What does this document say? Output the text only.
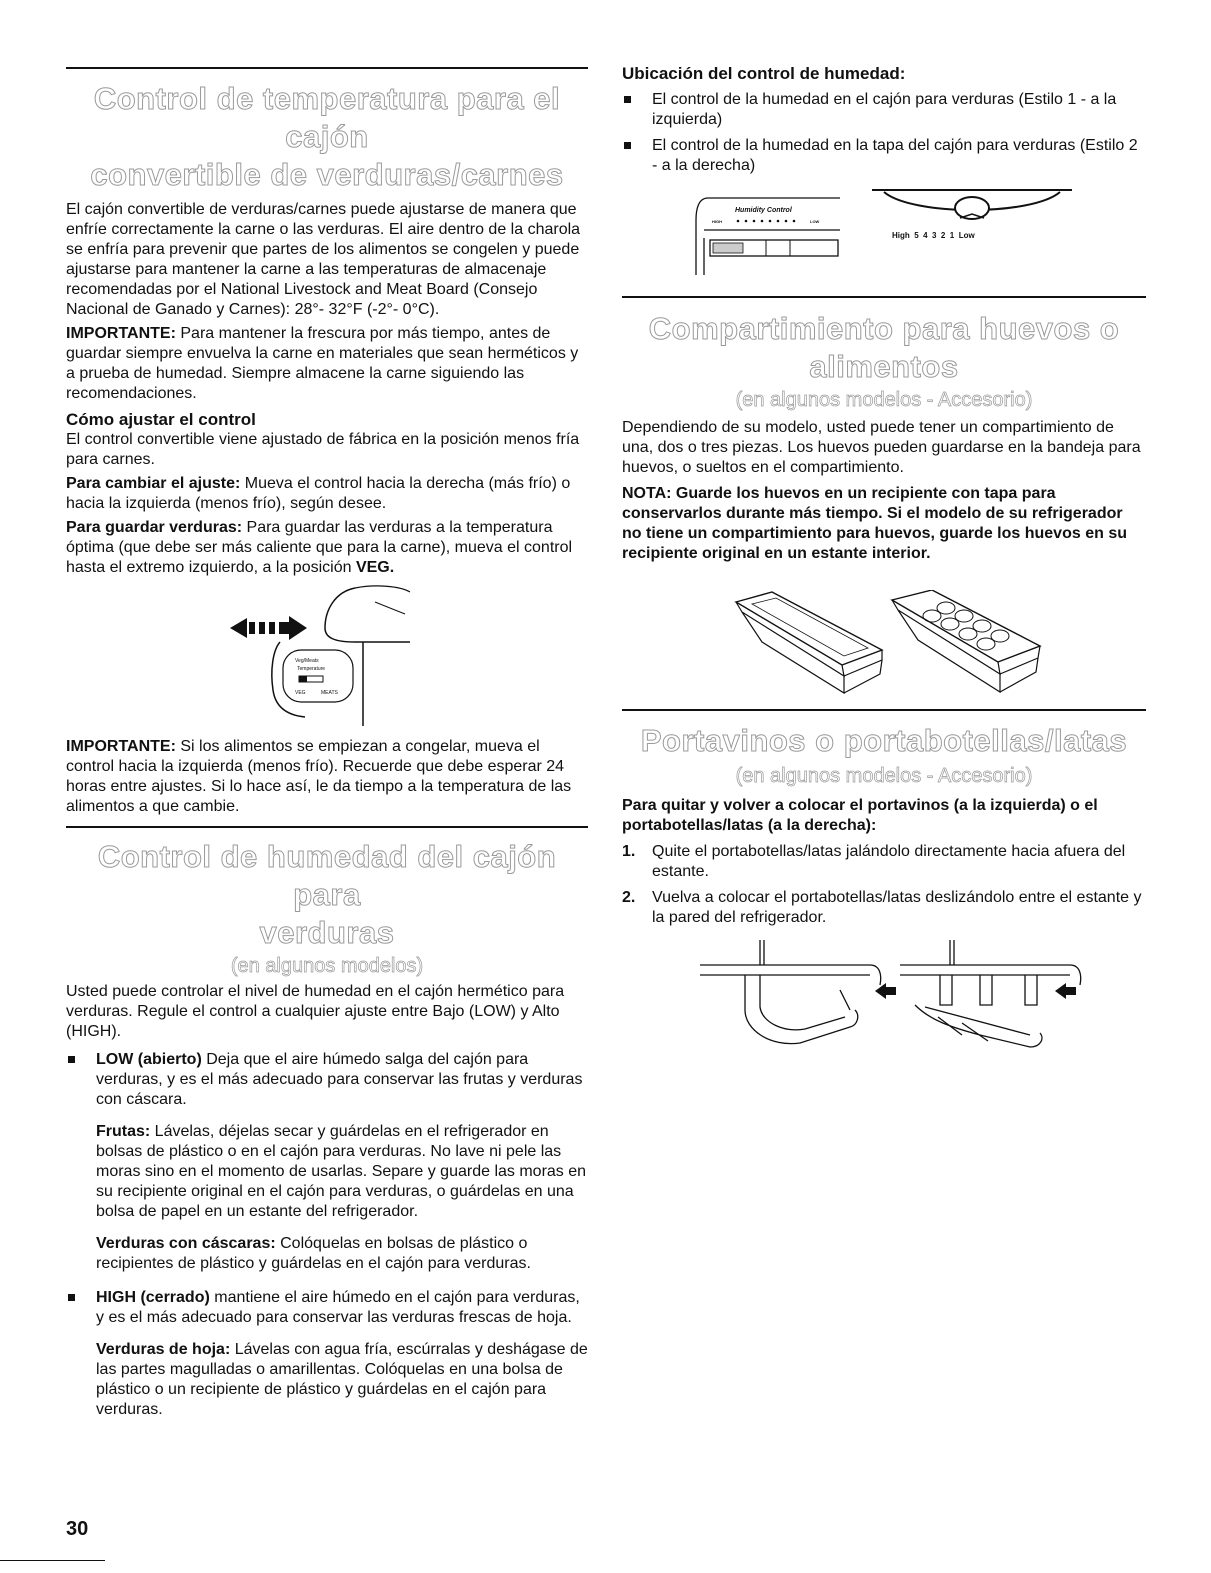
Control de temperatura para el cajón
convertible de verduras/carnes

El cajón convertible de verduras/carnes puede ajustarse de manera que enfríe correctamente la carne o las verduras. El aire dentro de la charola se enfría para prevenir que partes de los alimentos se congelen y puede ajustarse para mantener la carne a las temperaturas de almacenaje recomendadas por el National Livestock and Meat Board (Consejo Nacional de Ganado y Carnes): 28°- 32°F (-2°- 0°C).

IMPORTANTE: Para mantener la frescura por más tiempo, antes de guardar siempre envuelva la carne en materiales que sean herméticos y a prueba de humedad. Siempre almacene la carne siguiendo las recomendaciones.

Cómo ajustar el control

El control convertible viene ajustado de fábrica en la posición menos fría para carnes.

Para cambiar el ajuste: Mueva el control hacia la derecha (más frío) o hacia la izquierda (menos frío), según desee.

Para guardar verduras: Para guardar las verduras a la temperatura óptima (que debe ser más caliente que para la carne), mueva el control hasta el extremo izquierdo, a la posición VEG.

Veg/Meats
Temperature
VEG	MEATS

IMPORTANTE: Si los alimentos se empiezan a congelar, mueva el control hacia la izquierda (menos frío). Recuerde que debe esperar 24 horas entre ajustes. Si lo hace así, le da tiempo a la temperatura de las alimentos a que cambie.

Control de humedad del cajón para
verduras

(en algunos modelos)

Usted puede controlar el nivel de humedad en el cajón hermético para verduras. Regule el control a cualquier ajuste entre Bajo (LOW) y Alto (HIGH).

LOW (abierto) Deja que el aire húmedo salga del cajón para verduras, y es el más adecuado para conservar las frutas y verduras con cáscara.

Frutas: Lávelas, déjelas secar y guárdelas en el refrigerador en bolsas de plástico o en el cajón para verduras. No lave ni pele las moras sino en el momento de usarlas. Separe y guarde las moras en su recipiente original en el cajón para verduras, o guárdelas en una bolsa de papel en un estante del refrigerador.

Verduras con cáscaras: Colóquelas en bolsas de plástico o recipientes de plástico y guárdelas en el cajón para verduras.

HIGH (cerrado) mantiene el aire húmedo en el cajón para verduras, y es el más adecuado para conservar las verduras frescas de hoja.

Verduras de hoja: Lávelas con agua fría, escúrralas y deshágase de las partes magulladas o amarillentas. Colóquelas en una bolsa de plástico o un recipiente de plástico y guárdelas en el cajón para verduras.

Ubicación del control de humedad:

El control de la humedad en el cajón para verduras (Estilo 1 - a la izquierda)
El control de la humedad en la tapa del cajón para verduras (Estilo 2 - a la derecha)
Humidity Control
HIGH	LOW
High  5  4  3  2  1  Low
Compartimiento para huevos o
alimentos

(en algunos modelos - Accesorio)

Dependiendo de su modelo, usted puede tener un compartimiento de una, dos o tres piezas. Los huevos pueden guardarse en la bandeja para huevos, o sueltos en el compartimiento.

NOTA: Guarde los huevos en un recipiente con tapa para conservarlos durante más tiempo. Si el modelo de su refrigerador no tiene un compartimiento para huevos, guarde los huevos en su recipiente original en un estante interior.

Portavinos o portabotellas/latas

(en algunos modelos - Accesorio)

Para quitar y volver a colocar el portavinos (a la izquierda) o el portabotellas/latas (a la derecha):

1. Quite el portabotellas/latas jalándolo directamente hacia afuera del estante.
2. Vuelva a colocar el portabotellas/latas deslizándolo entre el estante y la pared del refrigerador.
30
